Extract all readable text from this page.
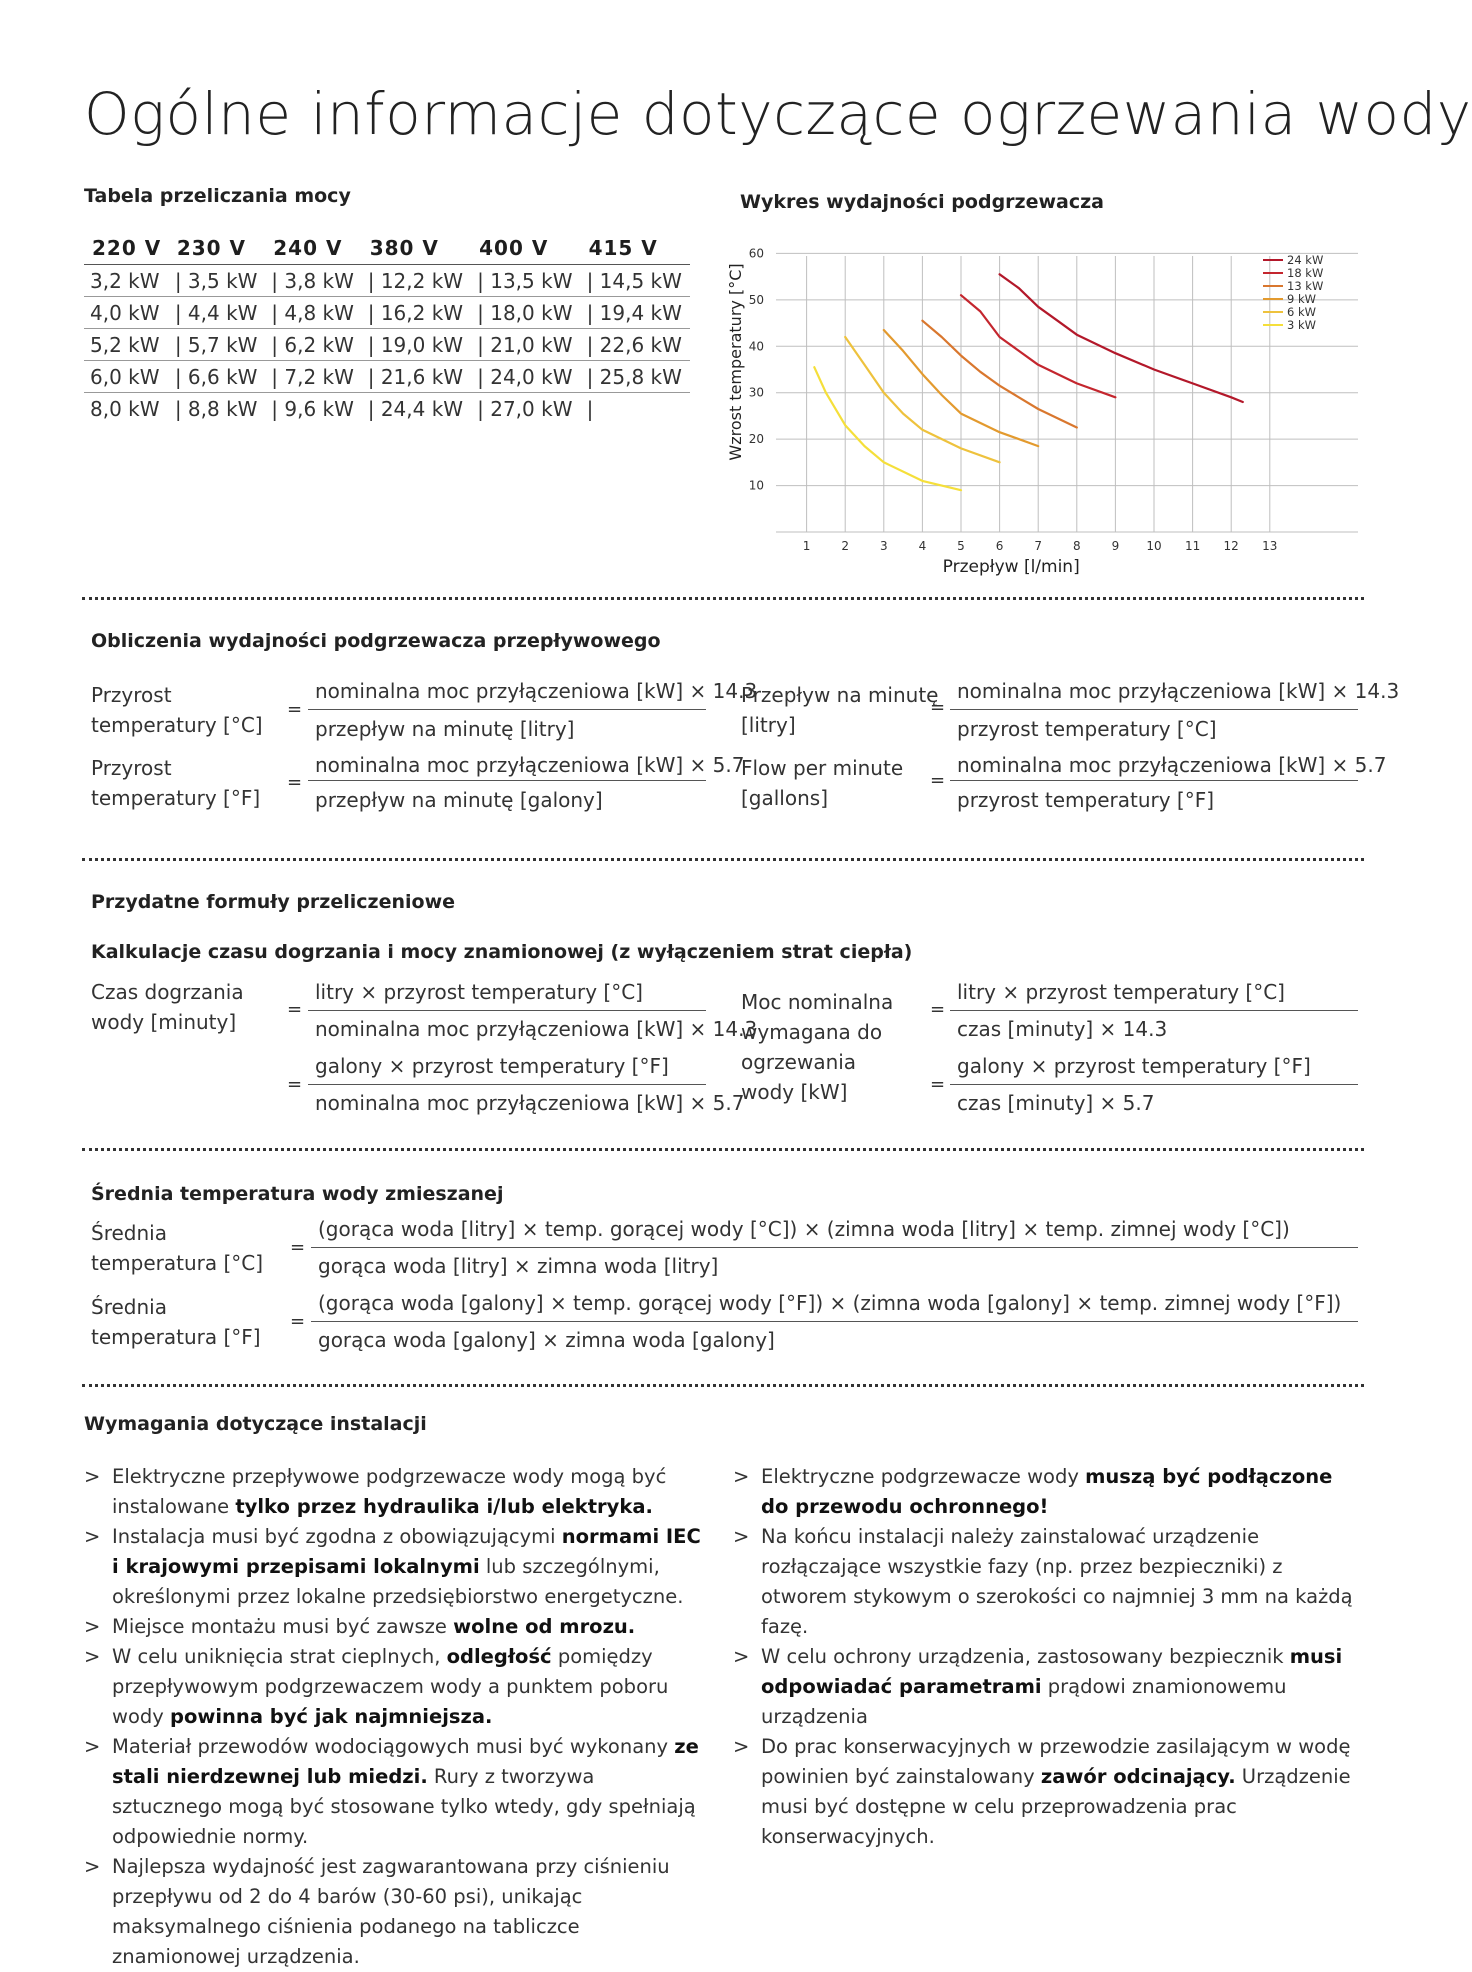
Ogólne informacje dotyczące ogrzewania wody
Tabela przeliczania mocy
220 V	230 V	240 V	380 V	400 V	415 V
3,2 kW	| 3,5 kW	| 3,8 kW	| 12,2 kW	| 13,5 kW	| 14,5 kW
4,0 kW	| 4,4 kW	| 4,8 kW	| 16,2 kW	| 18,0 kW	| 19,4 kW
5,2 kW	| 5,7 kW	| 6,2 kW	| 19,0 kW	| 21,0 kW	| 22,6 kW
6,0 kW	| 6,6 kW	| 7,2 kW	| 21,6 kW	| 24,0 kW	| 25,8 kW
8,0 kW	| 8,8 kW	| 9,6 kW	| 24,4 kW	| 27,0 kW	|
Wykres wydajności podgrzewacza
10
20
30
40
50
60
1	2	3	4	5	6	7	8	9 10 11 12 13
Przepływ [l/min]
Wzrost temperatury [°C]
24 kW
18 kW
13 kW
9 kW
6 kW
3 kW
Obliczenia wydajności podgrzewacza przepływowego
Przyrost temperatury [°C]
=
nominalna moc przyłączeniowa [kW] × 14.3
przepływ na minutę [litry]
Przyrost temperatury [°F]
=
nominalna moc przyłączeniowa [kW] × 5.7
przepływ na minutę [galony]
Przepływ na minutę [litry]
=
nominalna moc przyłączeniowa [kW] × 14.3
przyrost temperatury [°C]
Flow per minute [gallons]
=
nominalna moc przyłączeniowa [kW] × 5.7
przyrost temperatury [°F]
Przydatne formuły przeliczeniowe
Kalkulacje czasu dogrzania i mocy znamionowej (z wyłączeniem strat ciepła)
Czas dogrzania wody [minuty]
=
litry × przyrost temperatury [°C]
nominalna moc przyłączeniowa [kW] × 14.3
=
galony × przyrost temperatury [°F]
nominalna moc przyłączeniowa [kW] × 5.7
Moc nominalna wymagana do ogrzewania wody [kW]
=
litry × przyrost temperatury [°C]
czas [minuty] × 14.3
=
galony × przyrost temperatury [°F]
czas [minuty] × 5.7
Średnia temperatura wody zmieszanej
Średnia temperatura [°C]
=
(gorąca woda [litry] × temp. gorącej wody [°C]) × (zimna woda [litry] × temp. zimnej wody [°C])
gorąca woda [litry] × zimna woda [litry]
Średnia temperatura [°F]
=
(gorąca woda [galony] × temp. gorącej wody [°F]) × (zimna woda [galony] × temp. zimnej wody [°F])
gorąca woda [galony] × zimna woda [galony]
Wymagania dotyczące instalacji
> Elektryczne przepływowe podgrzewacze wody mogą być instalowane tylko przez hydraulika i/lub elektryka.
> Instalacja musi być zgodna z obowiązującymi normami IEC i krajowymi przepisami lokalnymi lub szczególnymi, określonymi przez lokalne przedsiębiorstwo energetyczne.
> Miejsce montażu musi być zawsze wolne od mrozu.
> W celu uniknięcia strat cieplnych, odległość pomiędzy przepływowym podgrzewaczem wody a punktem poboru wody powinna być jak najmniejsza.
> Materiał przewodów wodociągowych musi być wykonany ze stali nierdzewnej lub miedzi. Rury z tworzywa sztucznego mogą być stosowane tylko wtedy, gdy spełniają odpowiednie normy.
> Najlepsza wydajność jest zagwarantowana przy ciśnieniu przepływu od 2 do 4 barów (30-60 psi), unikając maksymalnego ciśnienia podanego na tabliczce znamionowej urządzenia.
> Elektryczne podgrzewacze wody muszą być podłączone do przewodu ochronnego!
> Na końcu instalacji należy zainstalować urządzenie rozłączające wszystkie fazy (np. przez bezpieczniki) z otworem stykowym o szerokości co najmniej 3 mm na każdą fazę.
> W celu ochrony urządzenia, zastosowany bezpiecznik musi odpowiadać parametrami prądowi znamionowemu urządzenia
> Do prac konserwacyjnych w przewodzie zasilającym w wodę powinien być zainstalowany zawór odcinający. Urządzenie musi być dostępne w celu przeprowadzenia prac konserwacyjnych.
